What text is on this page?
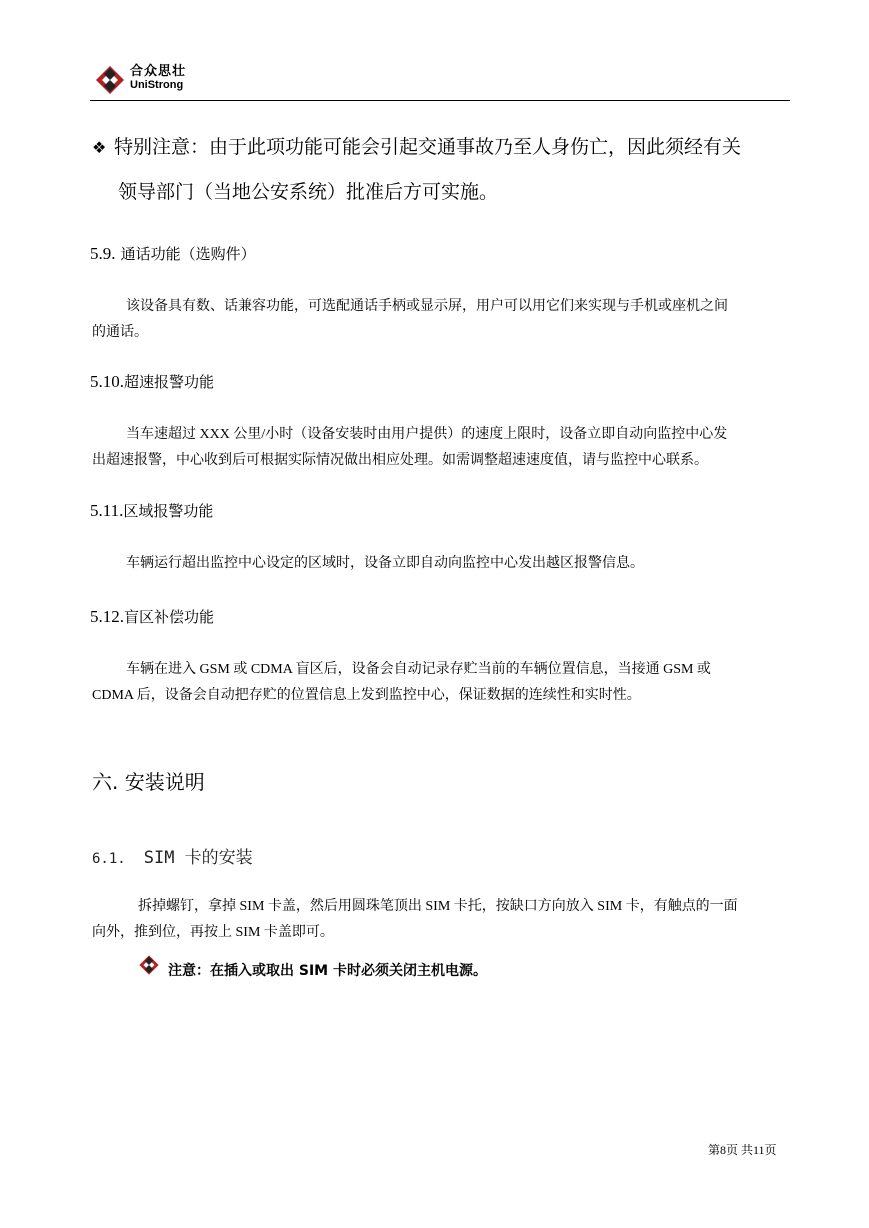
合众思壮
UniStrong
❖ 特别注意：由于此项功能可能会引起交通事故乃至人身伤亡，因此须经有关
领导部门（当地公安系统）批准后方可实施。
5.9. 通话功能（选购件）
该设备具有数、话兼容功能，可选配通话手柄或显示屏，用户可以用它们来实现与手机或座机之间
的通话。
5.10.超速报警功能
当车速超过 XXX 公里/小时（设备安装时由用户提供）的速度上限时，设备立即自动向监控中心发
出超速报警，中心收到后可根据实际情况做出相应处理。如需调整超速速度值，请与监控中心联系。
5.11.区域报警功能
车辆运行超出监控中心设定的区域时，设备立即自动向监控中心发出越区报警信息。
5.12.盲区补偿功能
车辆在进入 GSM 或 CDMA 盲区后，设备会自动记录存贮当前的车辆位置信息，当接通 GSM 或
CDMA 后，设备会自动把存贮的位置信息上发到监控中心，保证数据的连续性和实时性。
六. 安装说明
6.1. SIM 卡的安装
拆掉螺钉，拿掉 SIM 卡盖，然后用圆珠笔顶出 SIM 卡托，按缺口方向放入 SIM 卡，有触点的一面
向外，推到位，再按上 SIM 卡盖即可。
注意：在插入或取出 SIM 卡时必须关闭主机电源。
第8页 共11页
